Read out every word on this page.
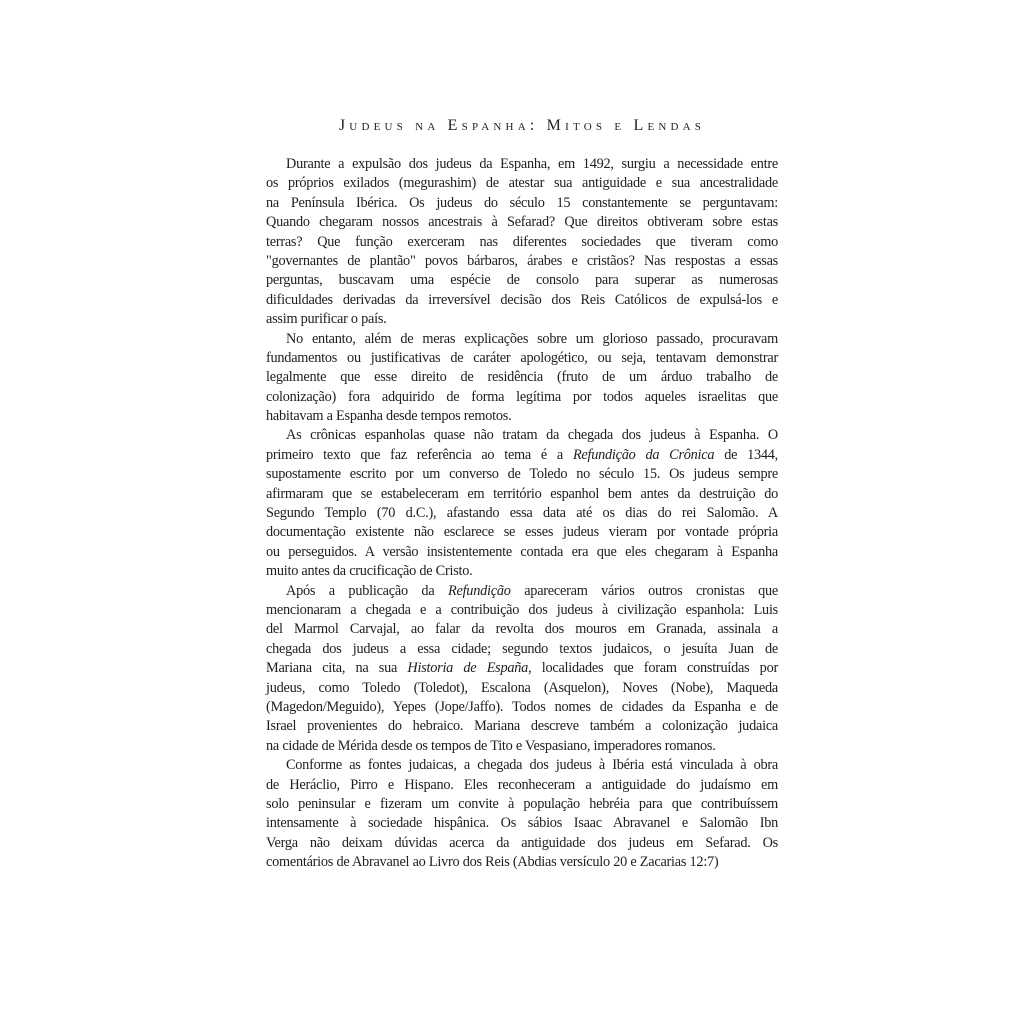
Judeus na Espanha: Mitos e Lendas
Durante a expulsão dos judeus da Espanha, em 1492, surgiu a necessidade entre
os próprios exilados (megurashim) de atestar sua antiguidade e sua ancestralidade
na Península Ibérica. Os judeus do século 15 constantemente se perguntavam:
Quando chegaram nossos ancestrais à Sefarad? Que direitos obtiveram sobre estas
terras? Que função exerceram nas diferentes sociedades que tiveram como
"governantes de plantão" povos bárbaros, árabes e cristãos? Nas respostas a essas
perguntas, buscavam uma espécie de consolo para superar as numerosas
dificuldades derivadas da irreversível decisão dos Reis Católicos de expulsá-los e
assim purificar o país.
No entanto, além de meras explicações sobre um glorioso passado, procuravam
fundamentos ou justificativas de caráter apologético, ou seja, tentavam demonstrar
legalmente que esse direito de residência (fruto de um árduo trabalho de
colonização) fora adquirido de forma legítima por todos aqueles israelitas que
habitavam a Espanha desde tempos remotos.
As crônicas espanholas quase não tratam da chegada dos judeus à Espanha. O
primeiro texto que faz referência ao tema é a Refundição da Crônica de 1344,
supostamente escrito por um converso de Toledo no século 15. Os judeus sempre
afirmaram que se estabeleceram em território espanhol bem antes da destruição do
Segundo Templo (70 d.C.), afastando essa data até os dias do rei Salomão. A
documentação existente não esclarece se esses judeus vieram por vontade própria
ou perseguidos. A versão insistentemente contada era que eles chegaram à Espanha
muito antes da crucificação de Cristo.
Após a publicação da Refundição apareceram vários outros cronistas que
mencionaram a chegada e a contribuição dos judeus à civilização espanhola: Luis
del Marmol Carvajal, ao falar da revolta dos mouros em Granada, assinala a
chegada dos judeus a essa cidade; segundo textos judaicos, o jesuíta Juan de
Mariana cita, na sua Historia de España, localidades que foram construídas por
judeus, como Toledo (Toledot), Escalona (Asquelon), Noves (Nobe), Maqueda
(Magedon/Meguido), Yepes (Jope/Jaffo). Todos nomes de cidades da Espanha e de
Israel provenientes do hebraico. Mariana descreve também a colonização judaica
na cidade de Mérida desde os tempos de Tito e Vespasiano, imperadores romanos.
Conforme as fontes judaicas, a chegada dos judeus à Ibéria está vinculada à obra
de Heráclio, Pirro e Hispano. Eles reconheceram a antiguidade do judaísmo em
solo peninsular e fizeram um convite à população hebréia para que contribuíssem
intensamente à sociedade hispânica. Os sábios Isaac Abravanel e Salomão Ibn
Verga não deixam dúvidas acerca da antiguidade dos judeus em Sefarad. Os
comentários de Abravanel ao Livro dos Reis (Abdias versículo 20 e Zacarias 12:7)
